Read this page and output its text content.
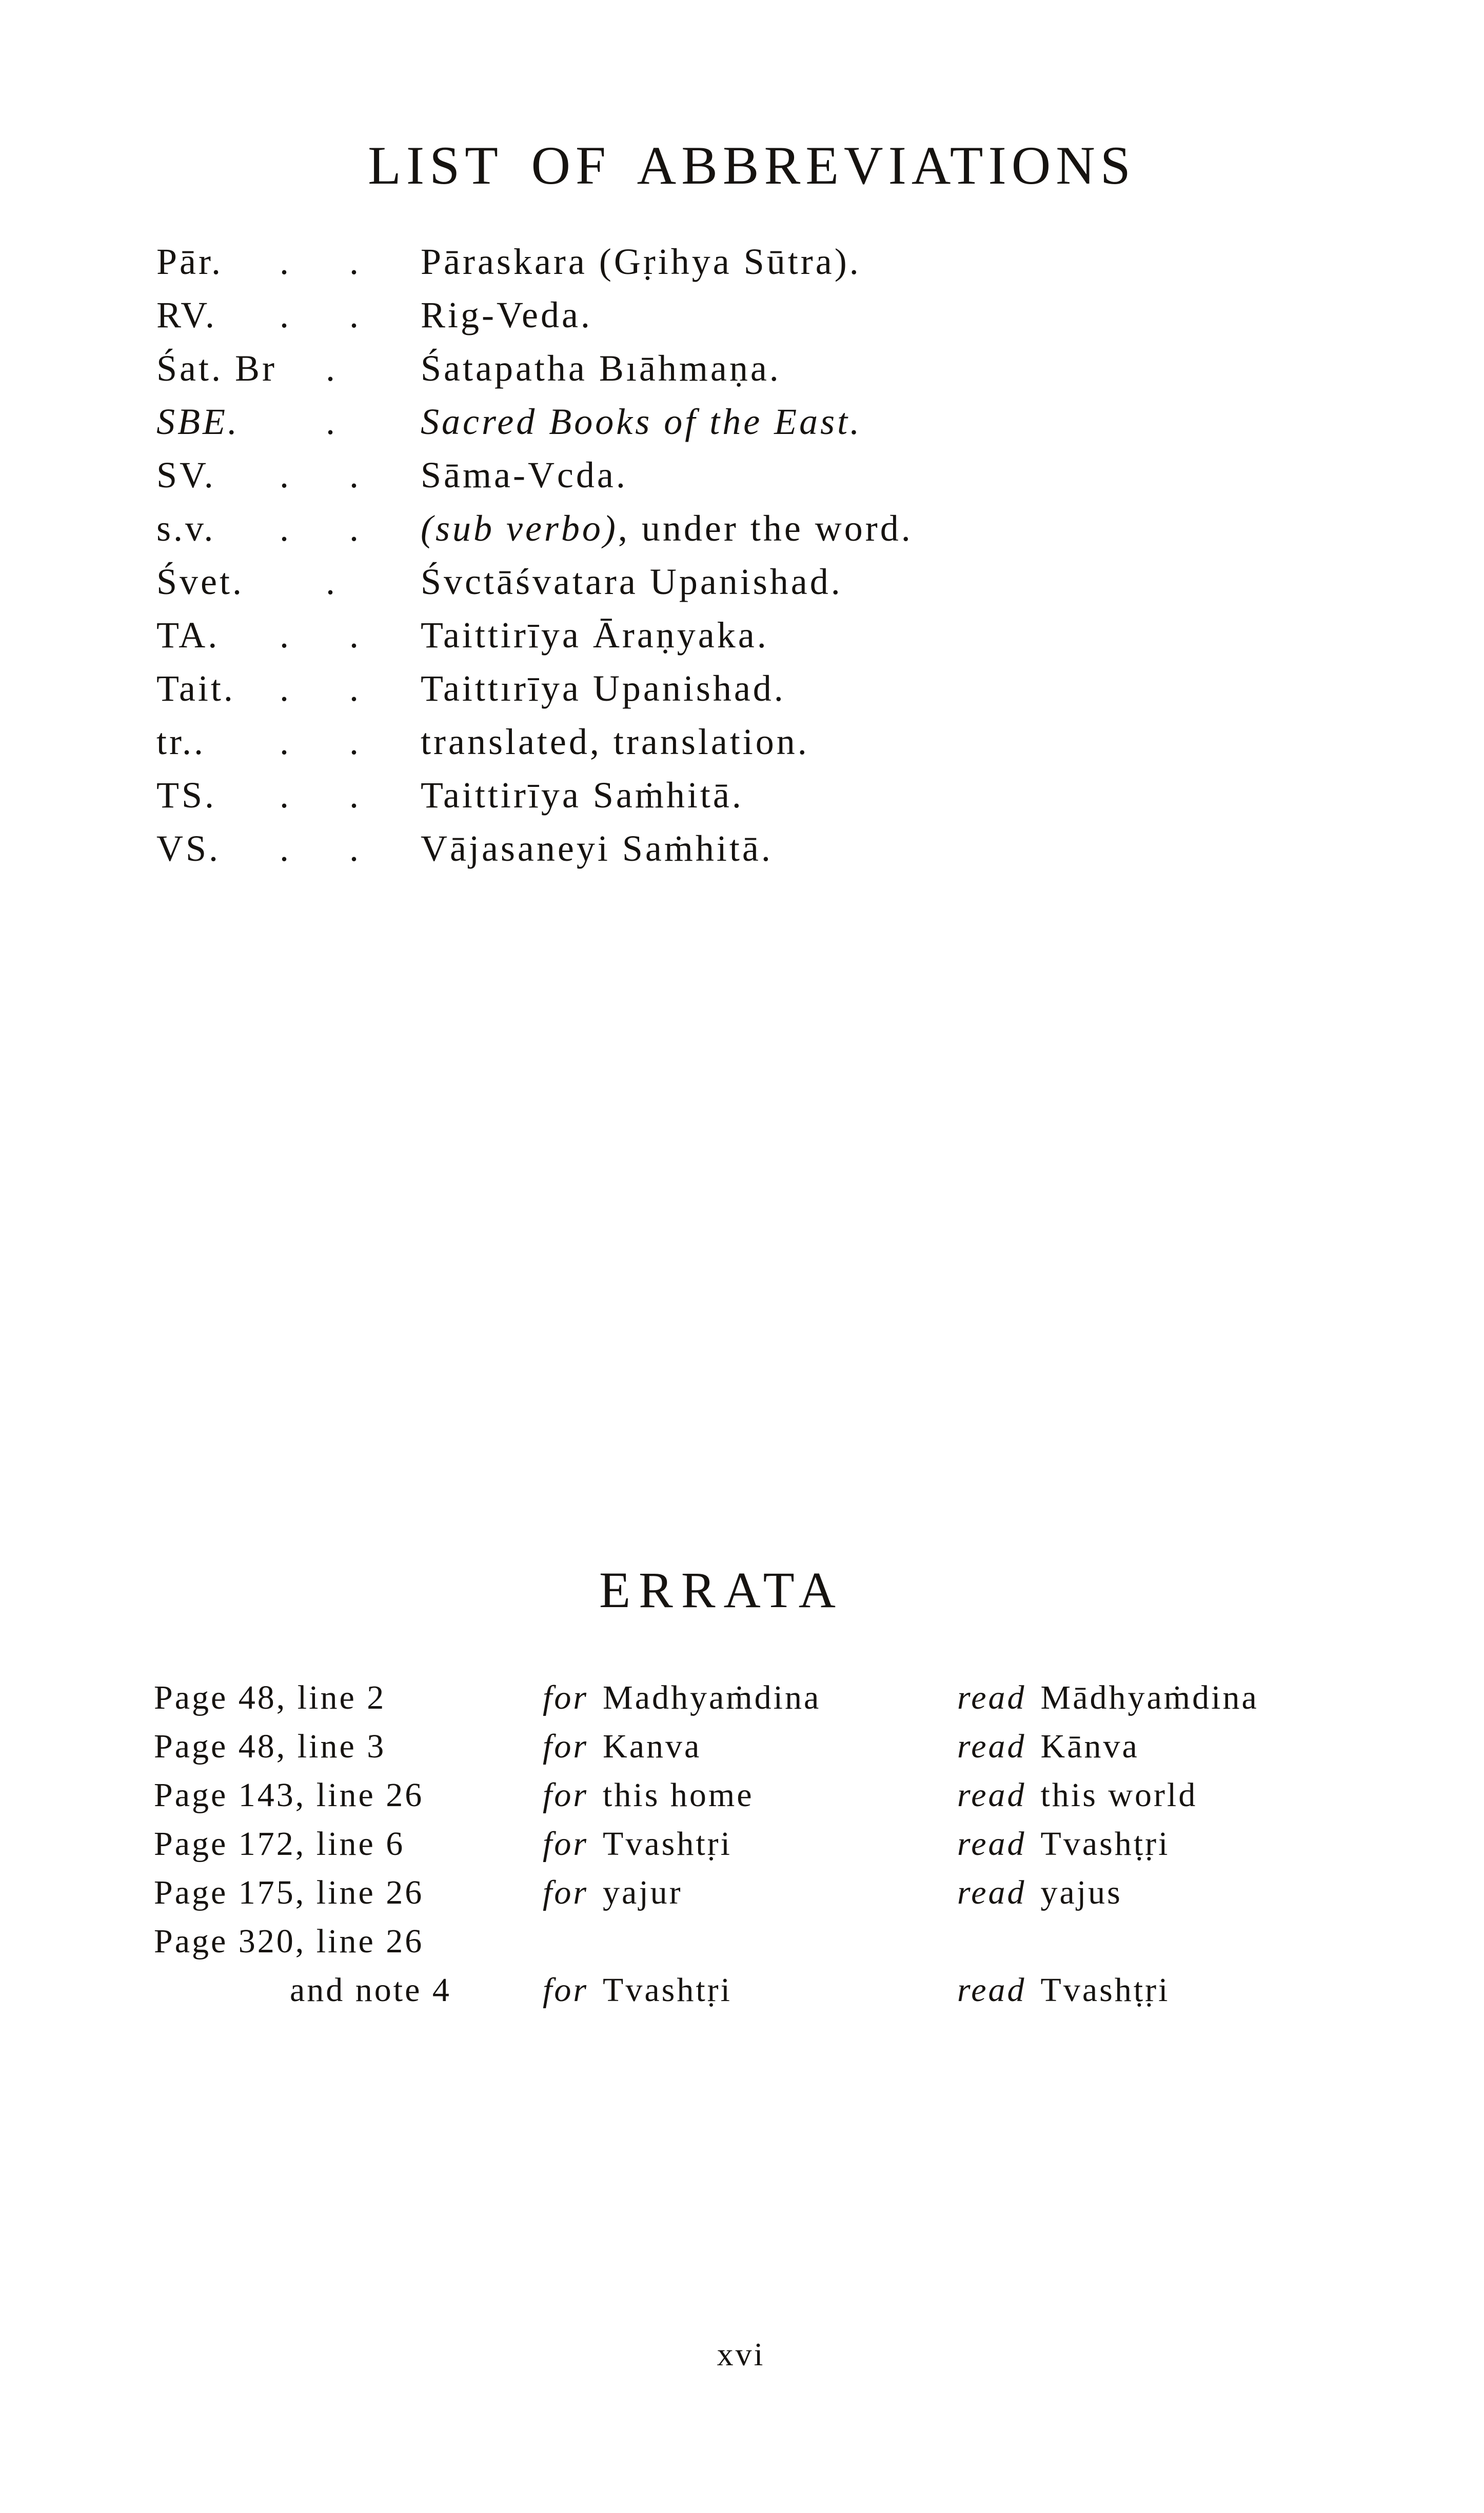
LIST OF ABBREVIATIONS
Pār. . . Pāraskara (Gṛihya Sūtra).
RV. . . Rig-Veda.
Śat. Br . Śatapatha Bıāhmaṇa.
SBE. . Sacred Books of the East.
SV. . . Sāma-Vcda.
s.v. . . (sub verbo), under the word.
Śvet. . Śvctāśvatara Upanishad.
TA. . . Taittirīya Āraṇyaka.
Tait. . . Taittırīya Upanishad.
tr.. . . translated, translation.
TS. . . Taittirīya Saṁhitā.
VS. . . Vājasaneyi Saṁhitā.
ERRATA
Page 48, line 2	for Madhyaṁdina	read Mādhyaṁdina
Page 48, line 3	for Kanva	read Kānva
Page 143, line 26	for this home	read this world
Page 172, line 6	for Tvashtṛi	read Tvashṭṛi
Page 175, line 26	for yajur	read yajus
Page 320, line 26
and note 4	for Tvashtṛi	read Tvashṭṛi
xvi
